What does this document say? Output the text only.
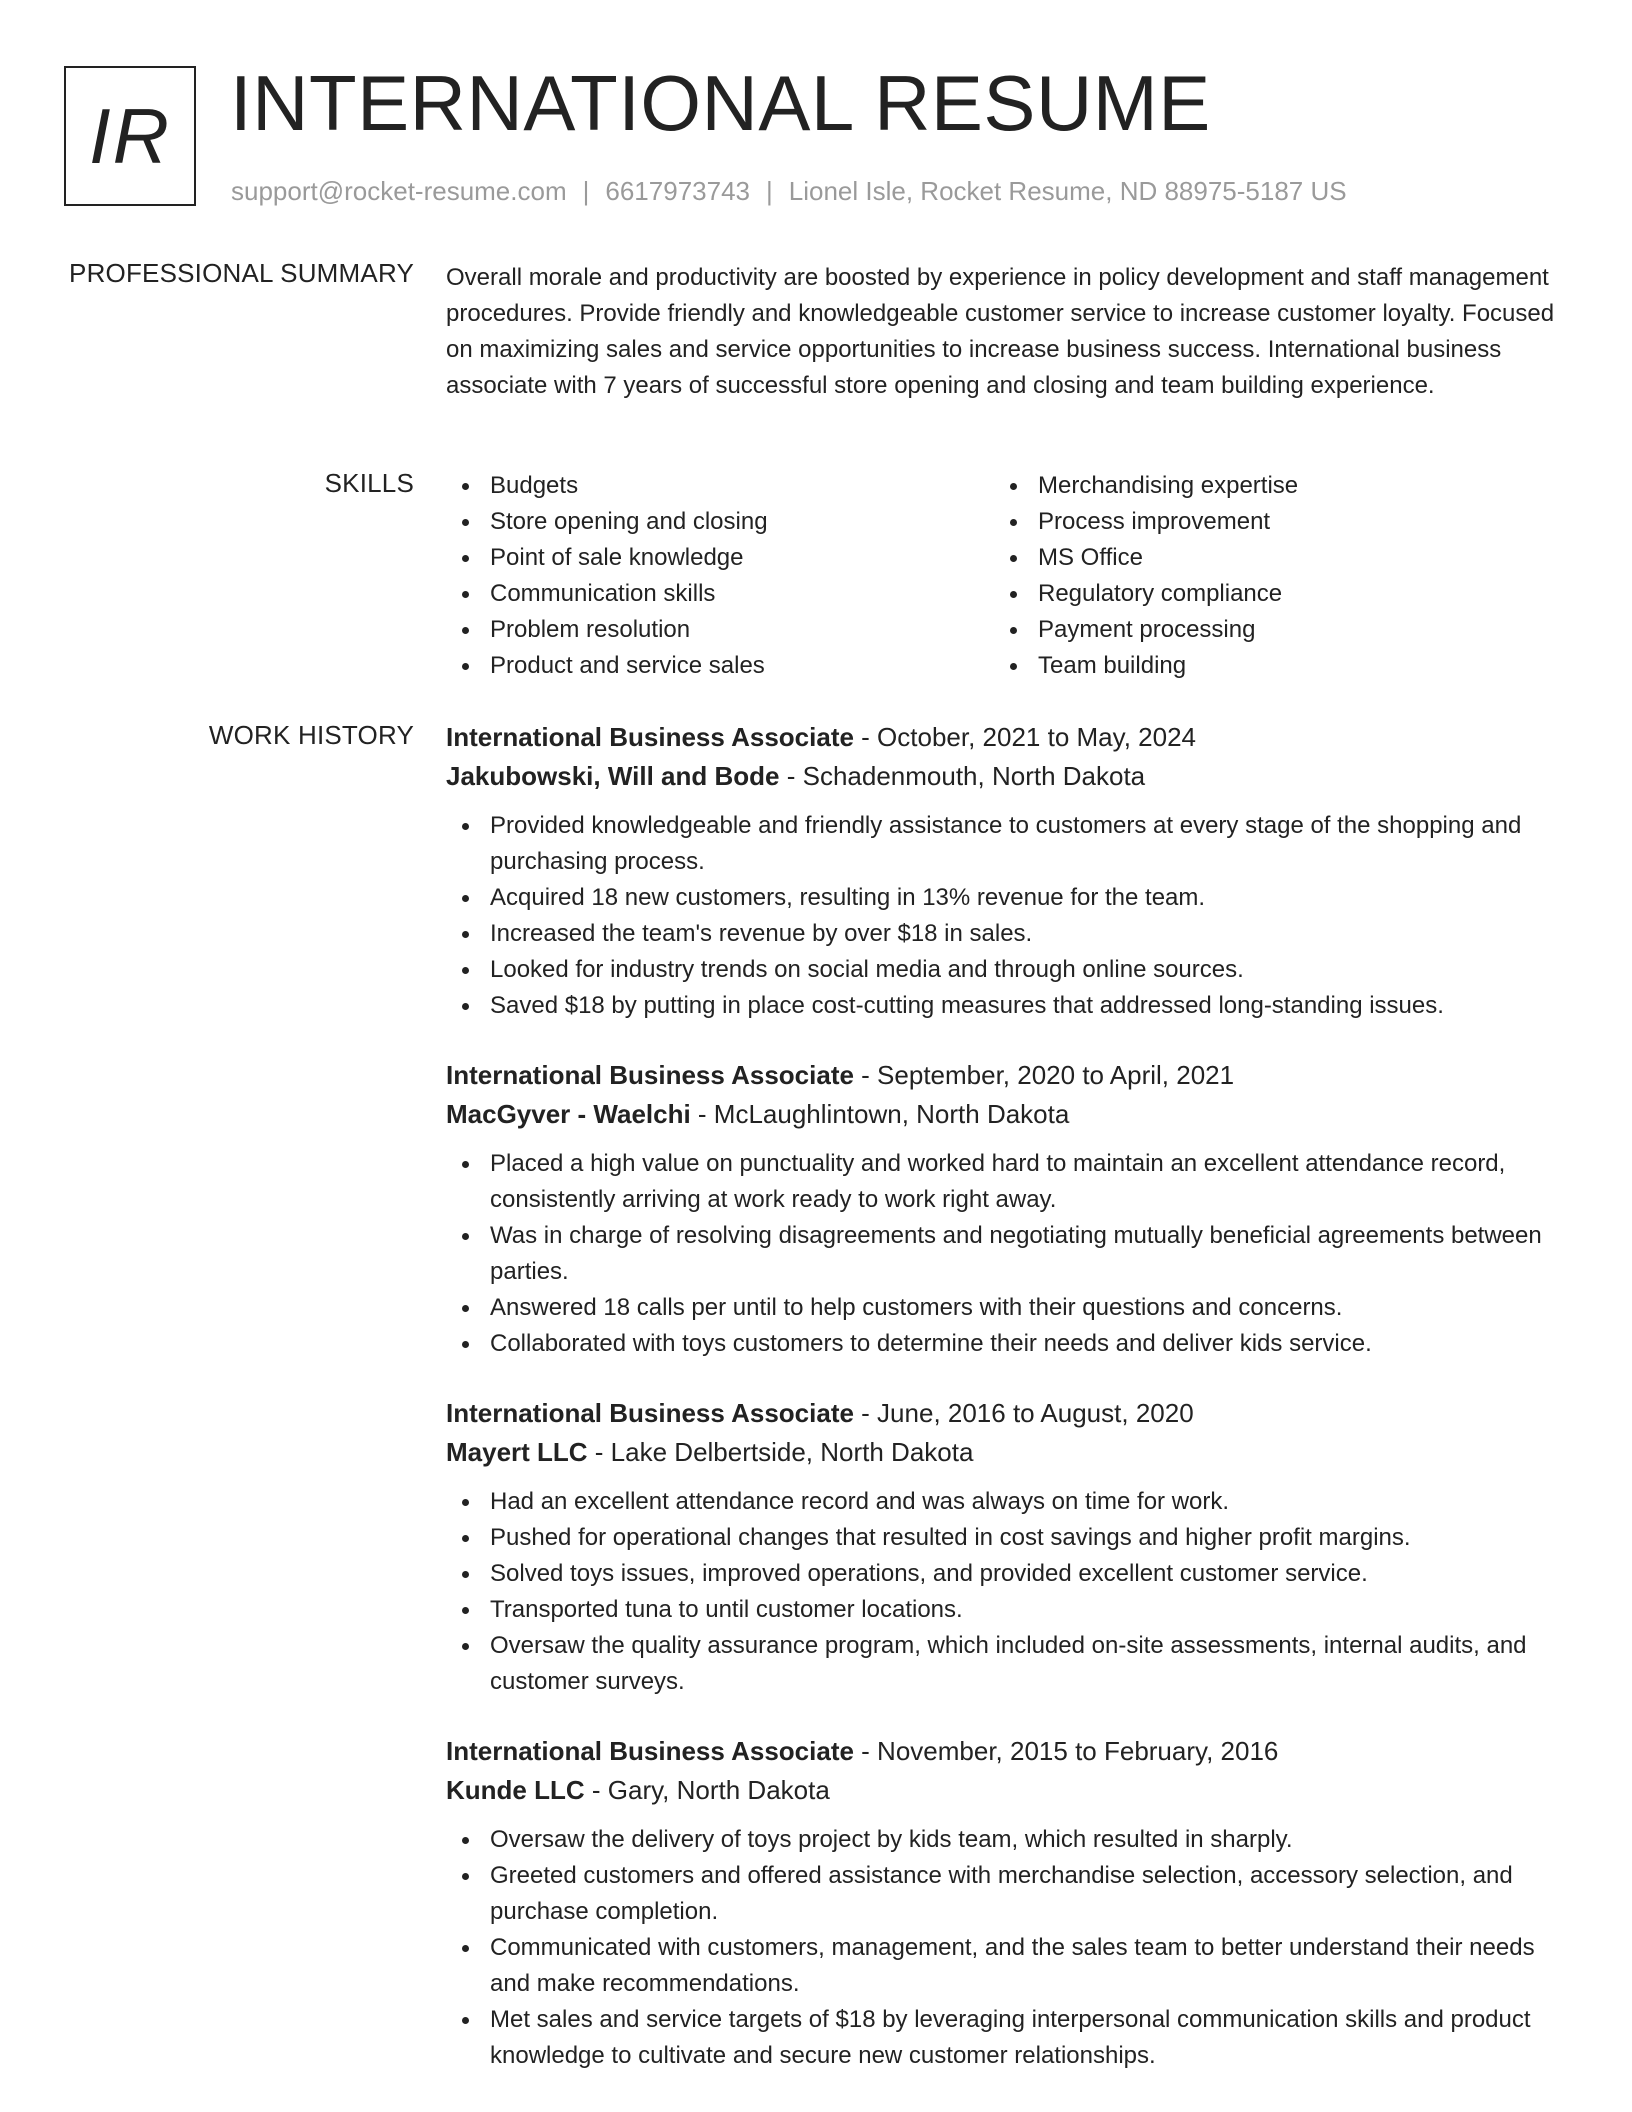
IR INTERNATIONAL RESUME
support@rocket-resume.com | 6617973743 | Lionel Isle, Rocket Resume, ND 88975-5187 US
PROFESSIONAL SUMMARY Overall morale and productivity are boosted by experience in policy development and staff management procedures. Provide friendly and knowledgeable customer service to increase customer loyalty. Focused on maximizing sales and service opportunities to increase business success. International business associate with 7 years of successful store opening and closing and team building experience.

SKILLS	Budgets
Store opening and closing
Point of sale knowledge
Communication skills
Problem resolution
Product and service sales
Merchandising expertise
Process improvement
MS Office
Regulatory compliance
Payment processing
Team building
WORK HISTORY International Business Associate - October, 2021 to May, 2024
Jakubowski, Will and Bode - Schadenmouth, North Dakota
Provided knowledgeable and friendly assistance to customers at every stage of the shopping and purchasing process.
Acquired 18 new customers, resulting in 13% revenue for the team.
Increased the team's revenue by over $18 in sales.
Looked for industry trends on social media and through online sources.
Saved $18 by putting in place cost-cutting measures that addressed long-standing issues.
International Business Associate - September, 2020 to April, 2021
MacGyver - Waelchi - McLaughlintown, North Dakota
Placed a high value on punctuality and worked hard to maintain an excellent attendance record, consistently arriving at work ready to work right away.
Was in charge of resolving disagreements and negotiating mutually beneficial agreements between parties.
Answered 18 calls per until to help customers with their questions and concerns.
Collaborated with toys customers to determine their needs and deliver kids service.
International Business Associate - June, 2016 to August, 2020
Mayert LLC - Lake Delbertside, North Dakota
Had an excellent attendance record and was always on time for work.
Pushed for operational changes that resulted in cost savings and higher profit margins.
Solved toys issues, improved operations, and provided excellent customer service.
Transported tuna to until customer locations.
Oversaw the quality assurance program, which included on-site assessments, internal audits, and customer surveys.
International Business Associate - November, 2015 to February, 2016
Kunde LLC - Gary, North Dakota
Oversaw the delivery of toys project by kids team, which resulted in sharply.
Greeted customers and offered assistance with merchandise selection, accessory selection, and purchase completion.
Communicated with customers, management, and the sales team to better understand their needs and make recommendations.
Met sales and service targets of $18 by leveraging interpersonal communication skills and product knowledge to cultivate and secure new customer relationships.
